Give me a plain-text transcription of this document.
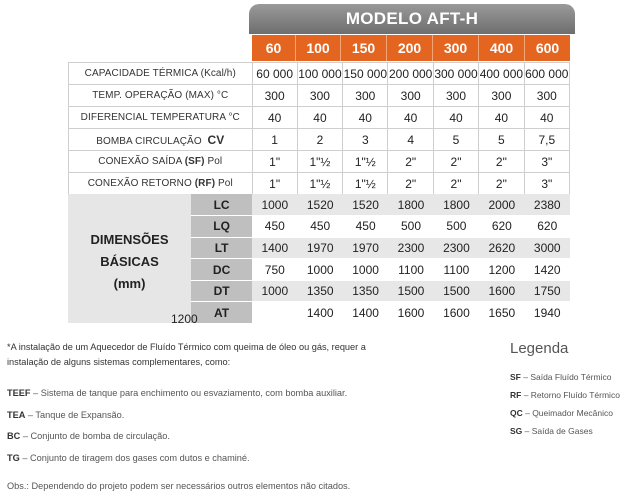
MODELO AFT-H
60	100	150	200	300	400	600
CAPACIDADE TÉRMICA (Kcal/h)	60 000	100 000	150 000	200 000	300 000	400 000	600 000
TEMP. OPERAÇÃO (MAX) °C	300	300	300	300	300	300	300
DIFERENCIAL TEMPERATURA °C	40	40	40	40	40	40	40
BOMBA CIRCULAÇÃO CV	1	2	3	4	5	5	7,5
CONEXÃO SAÍDA (SF) Pol	1"	1"½	1"½	2"	2"	2"	3"
CONEXÃO RETORNO (RF) Pol	1"	1"½	1"½	2"	2"	2"	3"
DIMENSÕES
BÁSICAS
(mm)	LC	1000	1520	1520	1800	1800	2000	2380
	LQ	450	450	450	500	500	620	620
	LT	1400	1970	1970	2300	2300	2620	3000
	DC	750	1000	1000	1100	1100	1200	1420
	DT	1000	1350	1350	1500	1500	1600	1750
	AT		1400	1400	1600	1600	1650	1940
1200

*A instalação de um Aquecedor de Fluído Térmico com queima de óleo ou gás, requer a instalação de alguns sistemas complementares, como:

TEEF – Sistema de tanque para enchimento ou esvaziamento, com bomba auxiliar.

TEA – Tanque de Expansão.

BC – Conjunto de bomba de circulação.

TG – Conjunto de tiragem dos gases com dutos e chaminé.

Obs.: Dependendo do projeto podem ser necessários outros elementos não citados.

Legenda
SF – Saída Fluído Térmico
RF – Retorno Fluído Térmico
QC – Queimador Mecânico
SG – Saída de Gases
